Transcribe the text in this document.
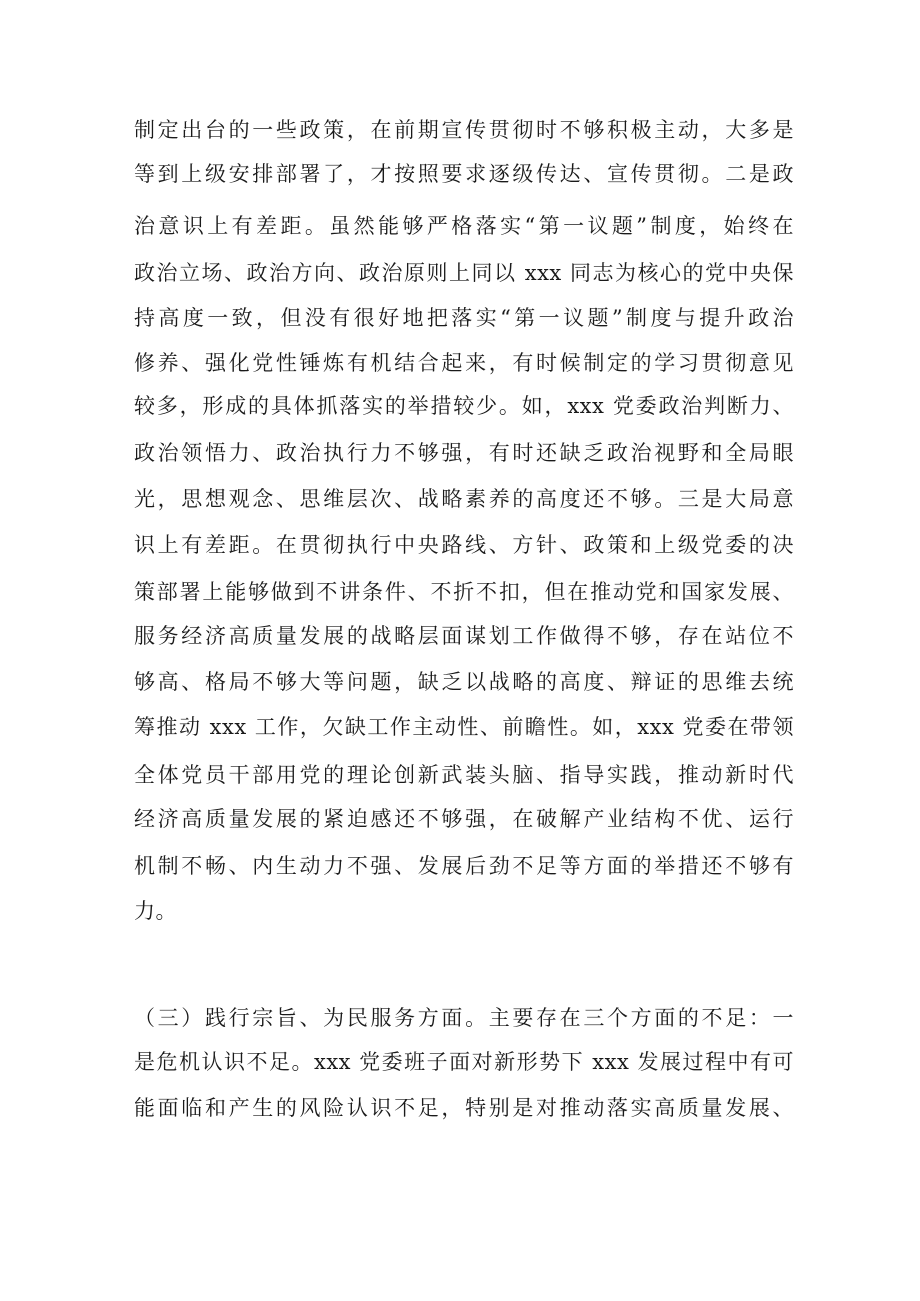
制定出台的一些政策，在前期宣传贯彻时不够积极主动，大多是
等到上级安排部署了，才按照要求逐级传达、宣传贯彻。二是政
治意识上有差距。虽然能够严格落实“第一议题”制度，始终在
政治立场、政治方向、政治原则上同以 xxx 同志为核心的党中央保
持高度一致，但没有很好地把落实“第一议题”制度与提升政治
修养、强化党性锤炼有机结合起来，有时候制定的学习贯彻意见
较多，形成的具体抓落实的举措较少。如，xxx 党委政治判断力、
政治领悟力、政治执行力不够强，有时还缺乏政治视野和全局眼
光，思想观念、思维层次、战略素养的高度还不够。三是大局意
识上有差距。在贯彻执行中央路线、方针、政策和上级党委的决
策部署上能够做到不讲条件、不折不扣，但在推动党和国家发展、
服务经济高质量发展的战略层面谋划工作做得不够，存在站位不
够高、格局不够大等问题，缺乏以战略的高度、辩证的思维去统
筹推动 xxx 工作，欠缺工作主动性、前瞻性。如，xxx 党委在带领
全体党员干部用党的理论创新武装头脑、指导实践，推动新时代
经济高质量发展的紧迫感还不够强，在破解产业结构不优、运行
机制不畅、内生动力不强、发展后劲不足等方面的举措还不够有
力。
（三）践行宗旨、为民服务方面。主要存在三个方面的不足：一
是危机认识不足。xxx 党委班子面对新形势下 xxx 发展过程中有可
能面临和产生的风险认识不足，特别是对推动落实高质量发展、
